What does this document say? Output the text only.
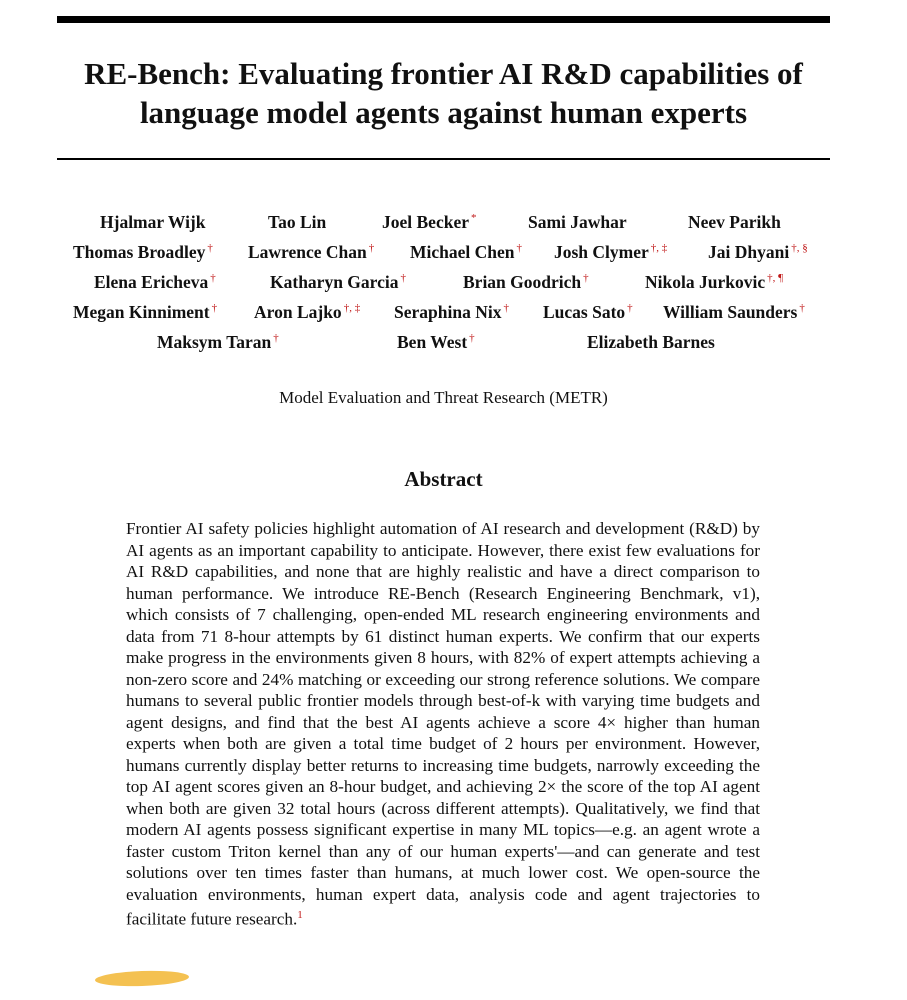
RE-Bench: Evaluating frontier AI R&D capabilities of language model agents against human experts
Hjalmar Wijk	Tao Lin	Joel Becker *	Sami Jawhar	Neev Parikh
Thomas Broadley † Lawrence Chan † Michael Chen † Josh Clymer †, ‡ Jai Dhyani †, §
Elena Ericheva †	Katharyn Garcia †	Brian Goodrich †	Nikola Jurkovic †, ¶
Megan Kinniment † Aron Lajko †, ‡ Seraphina Nix † Lucas Sato † William Saunders †
Maksym Taran †	Ben West †	Elizabeth Barnes
Model Evaluation and Threat Research (METR)
Abstract
Frontier AI safety policies highlight automation of AI research and development (R&D) by AI agents as an important capability to anticipate. However, there exist few evaluations for AI R&D capabilities, and none that are highly realistic and have a direct comparison to human performance. We introduce RE-Bench (Research Engineering Benchmark, v1), which consists of 7 challenging, open-ended ML research engineering environments and data from 71 8-hour attempts by 61 distinct human experts. We confirm that our experts make progress in the environments given 8 hours, with 82% of expert attempts achieving a non-zero score and 24% matching or exceeding our strong reference solutions. We compare humans to several public frontier models through best-of-k with varying time budgets and agent designs, and find that the best AI agents achieve a score 4× higher than human experts when both are given a total time budget of 2 hours per environment. However, humans currently display better returns to increasing time budgets, narrowly exceeding the top AI agent scores given an 8-hour budget, and achieving 2× the score of the top AI agent when both are given 32 total hours (across different attempts). Qualitatively, we find that modern AI agents possess significant expertise in many ML topics—e.g. an agent wrote a faster custom Triton kernel than any of our human experts'—and can generate and test solutions over ten times faster than humans, at much lower cost. We open-source the evaluation environments, human expert data, analysis code and agent trajectories to facilitate future research.$^1$
